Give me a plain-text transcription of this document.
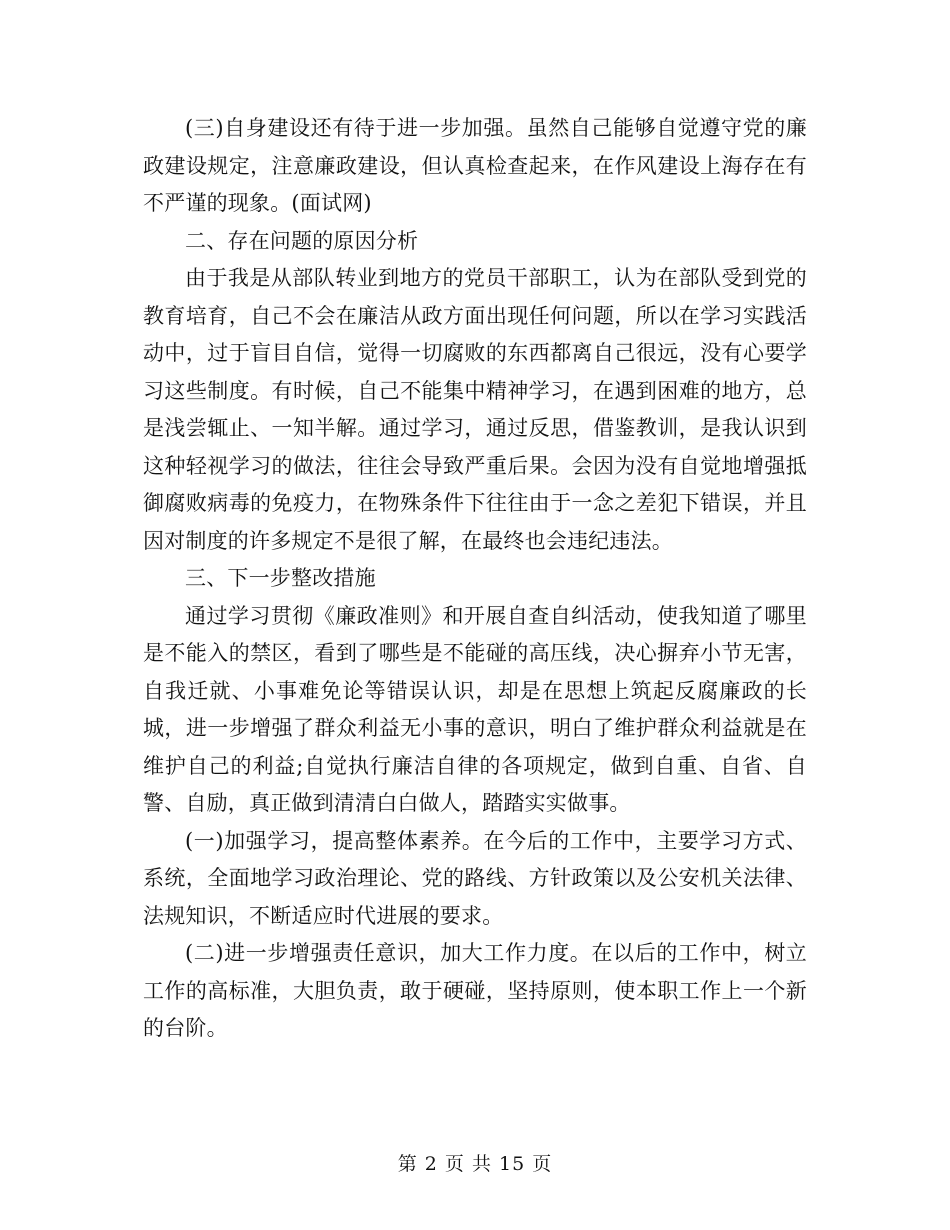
(三)自身建设还有待于进一步加强。虽然自己能够自觉遵守党的廉政建设规定，注意廉政建设，但认真检查起来，在作风建设上海存在有不严谨的现象。(面试网)

二、存在问题的原因分析

由于我是从部队转业到地方的党员干部职工，认为在部队受到党的教育培育，自己不会在廉洁从政方面出现任何问题，所以在学习实践活动中，过于盲目自信，觉得一切腐败的东西都离自己很远，没有心要学习这些制度。有时候，自己不能集中精神学习，在遇到困难的地方，总是浅尝辄止、一知半解。通过学习，通过反思，借鉴教训，是我认识到这种轻视学习的做法，往往会导致严重后果。会因为没有自觉地增强抵御腐败病毒的免疫力，在物殊条件下往往由于一念之差犯下错误，并且因对制度的许多规定不是很了解，在最终也会违纪违法。

三、下一步整改措施

通过学习贯彻《廉政准则》和开展自查自纠活动，使我知道了哪里是不能入的禁区，看到了哪些是不能碰的高压线，决心摒弃小节无害，自我迁就、小事难免论等错误认识，却是在思想上筑起反腐廉政的长城，进一步增强了群众利益无小事的意识，明白了维护群众利益就是在维护自己的利益;自觉执行廉洁自律的各项规定，做到自重、自省、自警、自励，真正做到清清白白做人，踏踏实实做事。

(一)加强学习，提高整体素养。在今后的工作中，主要学习方式、系统，全面地学习政治理论、党的路线、方针政策以及公安机关法律、法规知识，不断适应时代进展的要求。

(二)进一步增强责任意识，加大工作力度。在以后的工作中，树立工作的高标准，大胆负责，敢于硬碰，坚持原则，使本职工作上一个新的台阶。

第 2 页 共 15 页
